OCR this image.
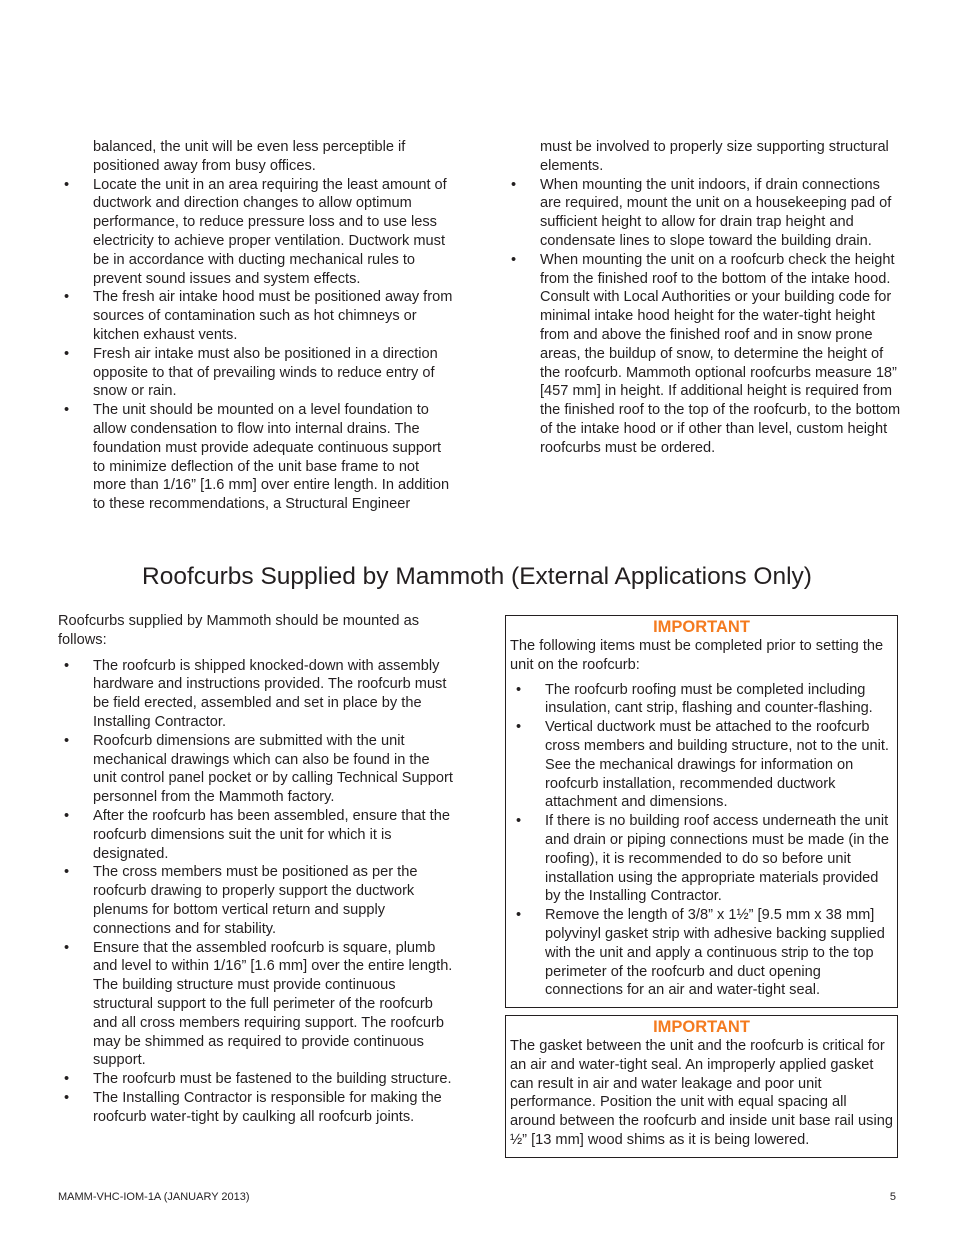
balanced, the unit will be even less perceptible if positioned away from busy offices.

• Locate the unit in an area requiring the least amount of ductwork and direction changes to allow optimum performance, to reduce pressure loss and to use less electricity to achieve proper ventilation. Ductwork must be in accordance with ducting mechanical rules to prevent sound issues and system effects.
• The fresh air intake hood must be positioned away from sources of contamination such as hot chimneys or kitchen exhaust vents.
• Fresh air intake must also be positioned in a direction opposite to that of prevailing winds to reduce entry of snow or rain.
• The unit should be mounted on a level foundation to allow condensation to flow into internal drains. The foundation must provide adequate continuous support to minimize deflection of the unit base frame to not more than 1/16” [1.6 mm] over entire length. In addition to these recommendations, a Structural Engineer

must be involved to properly size supporting structural elements.

• When mounting the unit indoors, if drain connections are required, mount the unit on a housekeeping pad of sufficient height to allow for drain trap height and condensate lines to slope toward the building drain.
• When mounting the unit on a roofcurb check the height from the finished roof to the bottom of the intake hood. Consult with Local Authorities or your building code for minimal intake hood height for the water-tight height from and above the finished roof and in snow prone areas, the buildup of snow, to determine the height of the roofcurb. Mammoth optional roofcurbs measure 18” [457 mm] in height. If additional height is required from the finished roof to the top of the roofcurb, to the bottom of the intake hood or if other than level, custom height roofcurbs must be ordered.
Roofcurbs Supplied by Mammoth (External Applications Only)

Roofcurbs supplied by Mammoth should be mounted as follows:

• The roofcurb is shipped knocked-down with assembly hardware and instructions provided. The roofcurb must be field erected, assembled and set in place by the Installing Contractor.
• Roofcurb dimensions are submitted with the unit mechanical drawings which can also be found in the unit control panel pocket or by calling Technical Support personnel from the Mammoth factory.
• After the roofcurb has been assembled, ensure that the roofcurb dimensions suit the unit for which it is designated.
• The cross members must be positioned as per the roofcurb drawing to properly support the ductwork plenums for bottom vertical return and supply connections and for stability.
• Ensure that the assembled roofcurb is square, plumb and level to within 1/16” [1.6 mm] over the entire length. The building structure must provide continuous structural support to the full perimeter of the roofcurb and all cross members requiring support. The roofcurb may be shimmed as required to provide continuous support.
• The roofcurb must be fastened to the building structure.
• The Installing Contractor is responsible for making the roofcurb water-tight by caulking all roofcurb joints.

IMPORTANT

The following items must be completed prior to setting the unit on the roofcurb:

• The roofcurb roofing must be completed including insulation, cant strip, flashing and counter-flashing.
• Vertical ductwork must be attached to the roofcurb cross members and building structure, not to the unit. See the mechanical drawings for information on roofcurb installation, recommended ductwork attachment and dimensions.
• If there is no building roof access underneath the unit and drain or piping connections must be made (in the roofing), it is recommended to do so before unit installation using the appropriate materials provided by the Installing Contractor.
• Remove the length of 3/8” x 1½” [9.5 mm x 38 mm] polyvinyl gasket strip with adhesive backing supplied with the unit and apply a continuous strip to the top perimeter of the roofcurb and duct opening connections for an air and water-tight seal.

IMPORTANT

The gasket between the unit and the roofcurb is critical for an air and water-tight seal. An improperly applied gasket can result in air and water leakage and poor unit performance. Position the unit with equal spacing all around between the roofcurb and inside unit base rail using ½” [13 mm] wood shims as it is being lowered.

MAMM-VHC-IOM-1A (JANUARY 2013)	5
